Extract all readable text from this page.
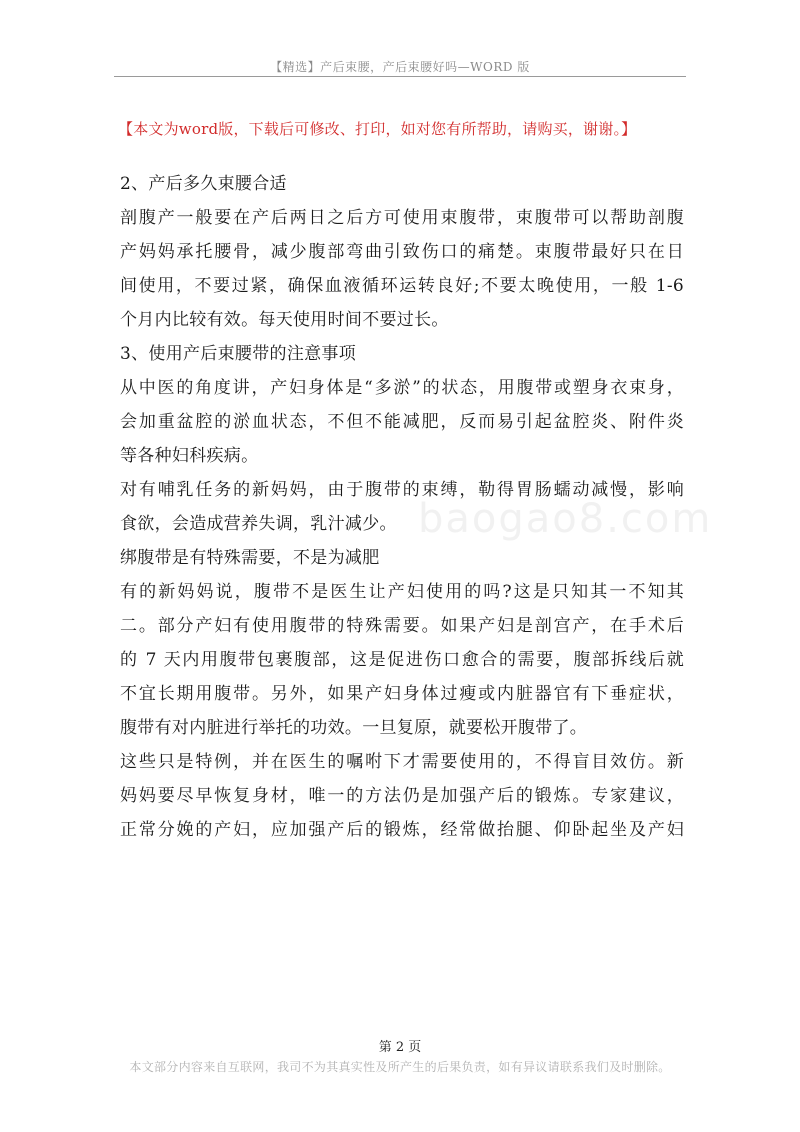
【精选】产后束腰，产后束腰好吗—WORD 版
baogao8.com
【本文为word版，下载后可修改、打印，如对您有所帮助，请购买，谢谢。】
2、产后多久束腰合适
剖腹产一般要在产后两日之后方可使用束腹带，束腹带可以帮助剖腹
产妈妈承托腰骨，减少腹部弯曲引致伤口的痛楚。束腹带最好只在日
间使用，不要过紧，确保血液循环运转良好;不要太晚使用，一般 1-6
个月内比较有效。每天使用时间不要过长。
3、使用产后束腰带的注意事项
从中医的角度讲，产妇身体是“多淤”的状态，用腹带或塑身衣束身，
会加重盆腔的淤血状态，不但不能减肥，反而易引起盆腔炎、附件炎
等各种妇科疾病。
对有哺乳任务的新妈妈，由于腹带的束缚，勒得胃肠蠕动减慢，影响
食欲，会造成营养失调，乳汁减少。
绑腹带是有特殊需要，不是为减肥
有的新妈妈说，腹带不是医生让产妇使用的吗?这是只知其一不知其
二。部分产妇有使用腹带的特殊需要。如果产妇是剖宫产，在手术后
的 7 天内用腹带包裹腹部，这是促进伤口愈合的需要，腹部拆线后就
不宜长期用腹带。另外，如果产妇身体过瘦或内脏器官有下垂症状，
腹带有对内脏进行举托的功效。一旦复原，就要松开腹带了。
这些只是特例，并在医生的嘱咐下才需要使用的，不得盲目效仿。新
妈妈要尽早恢复身材，唯一的方法仍是加强产后的锻炼。专家建议，
正常分娩的产妇，应加强产后的锻炼，经常做抬腿、仰卧起坐及产妇
第 2 页
本文部分内容来自互联网，我司不为其真实性及所产生的后果负责，如有异议请联系我们及时删除。
